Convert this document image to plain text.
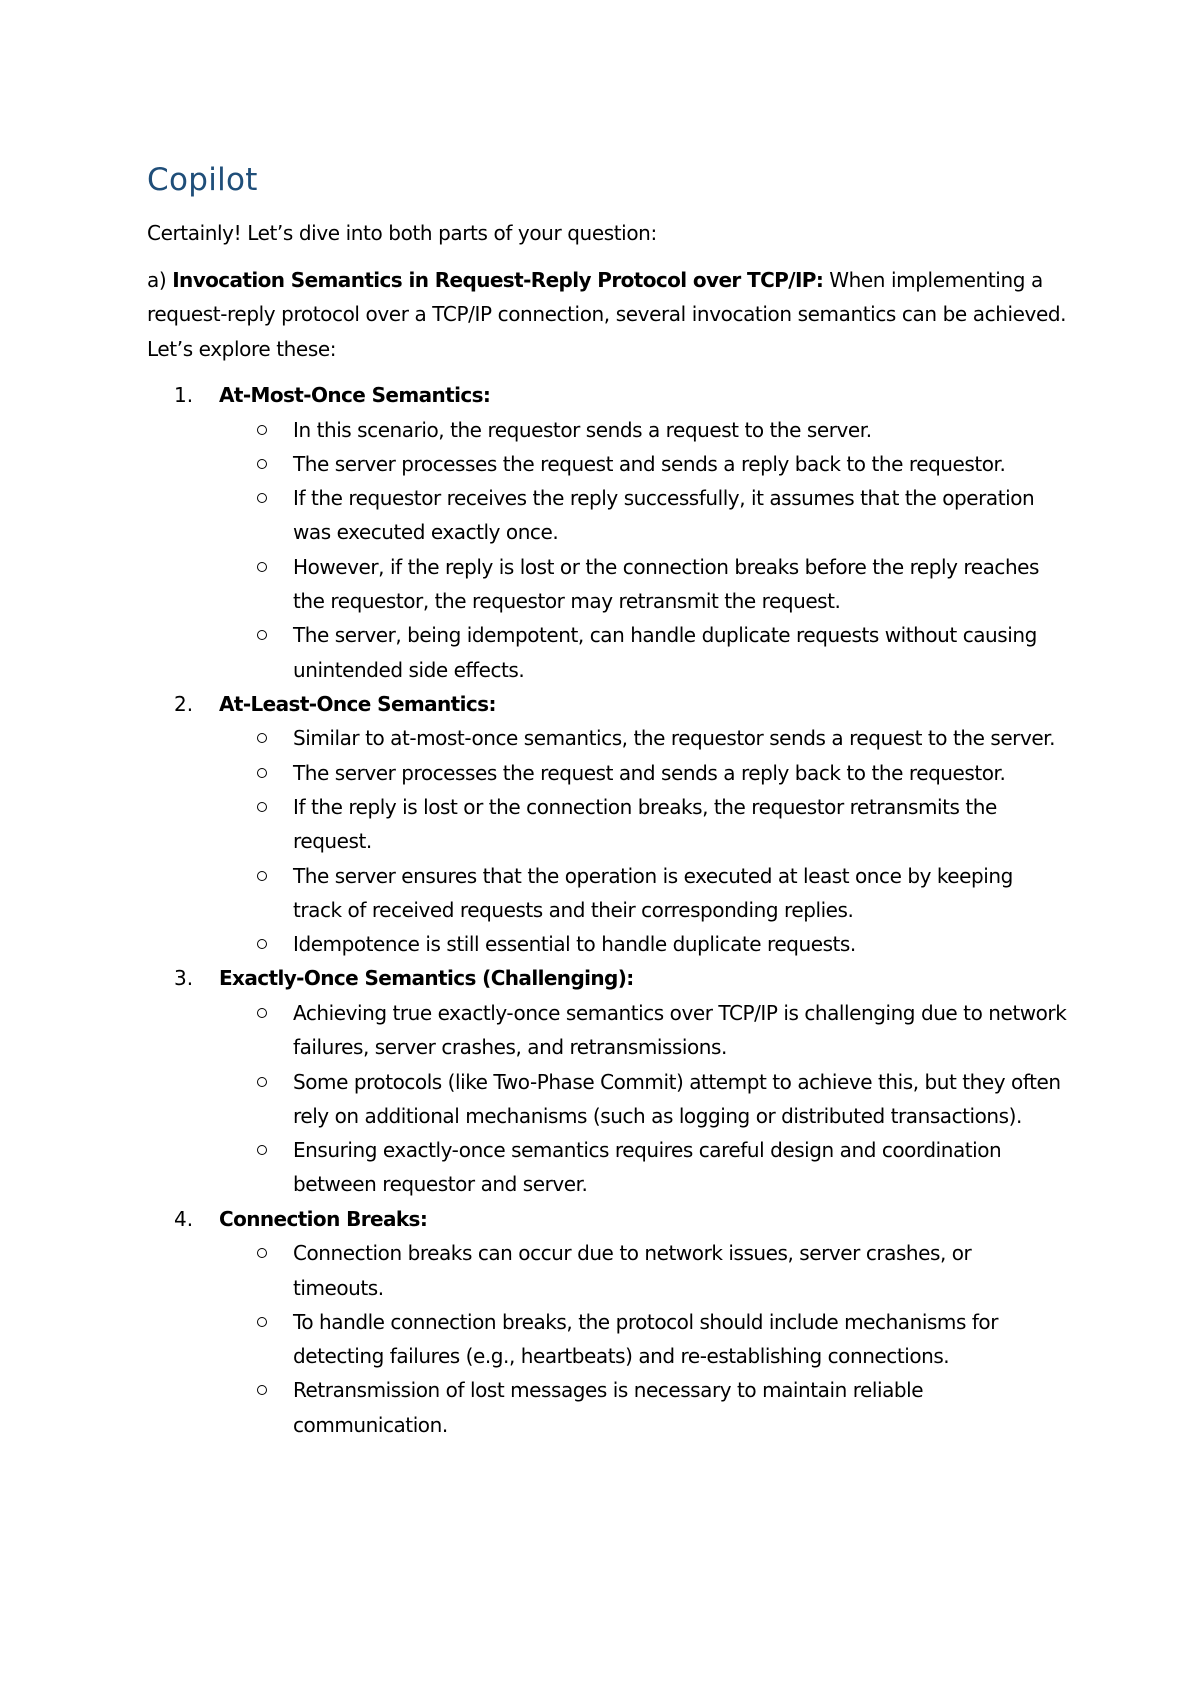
Copilot

Certainly! Let’s dive into both parts of your question:

a) Invocation Semantics in Request-Reply Protocol over TCP/IP: When implementing a request-reply protocol over a TCP/IP connection, several invocation semantics can be achieved. Let’s explore these:

1. At-Most-Once Semantics:
In this scenario, the requestor sends a request to the server.
The server processes the request and sends a reply back to the requestor.
If the requestor receives the reply successfully, it assumes that the operation was executed exactly once.
However, if the reply is lost or the connection breaks before the reply reaches the requestor, the requestor may retransmit the request.
The server, being idempotent, can handle duplicate requests without causing unintended side effects.
2. At-Least-Once Semantics:
Similar to at-most-once semantics, the requestor sends a request to the server.
The server processes the request and sends a reply back to the requestor.
If the reply is lost or the connection breaks, the requestor retransmits the request.
The server ensures that the operation is executed at least once by keeping track of received requests and their corresponding replies.
Idempotence is still essential to handle duplicate requests.
3. Exactly-Once Semantics (Challenging):
Achieving true exactly-once semantics over TCP/IP is challenging due to network failures, server crashes, and retransmissions.
Some protocols (like Two-Phase Commit) attempt to achieve this, but they often rely on additional mechanisms (such as logging or distributed transactions).
Ensuring exactly-once semantics requires careful design and coordination between requestor and server.
4. Connection Breaks:
Connection breaks can occur due to network issues, server crashes, or timeouts.
To handle connection breaks, the protocol should include mechanisms for detecting failures (e.g., heartbeats) and re-establishing connections.
Retransmission of lost messages is necessary to maintain reliable communication.
